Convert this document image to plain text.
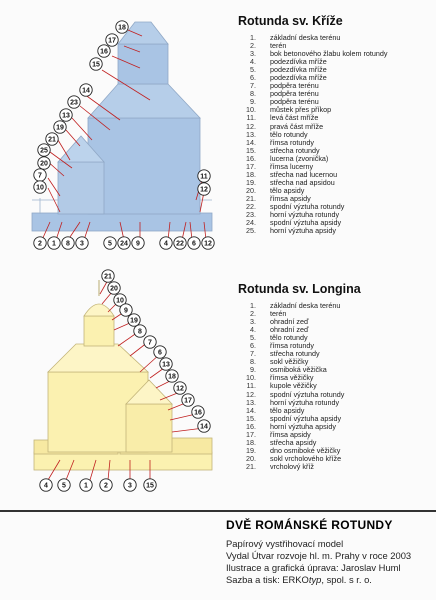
18
17
16
15
14
23
13
19
21
25
20
11
12
7
10
2 1 8 3	24 9	4 22 6 12
5
21
20
10
9
19
8
7
6
13
18
12
17
16
14
4 5	1 2	3 15
Rotunda sv. Kříže
1.	základní deska terénu
2.	terén
3.	bok betonového žlabu kolem rotundy
4.	podezdívka mříže
5.	podezdívka mříže
6.	podezdívka mříže
7.	podpěra terénu
8.	podpěra terénu
9.	podpěra terénu
10.	můstek přes příkop
11.	levá část mříže
12.	pravá část mříže
13.	tělo rotundy
14.	římsa rotundy
15.	střecha rotundy
16.	lucerna (zvonička)
17.	římsa lucerny
18.	střecha nad lucernou
19.	střecha nad apsidou
20.	tělo apsidy
21.	římsa apsidy
22.	spodní výztuha rotundy
23.	horní výztuha rotundy
24.	spodní výztuha apsidy
25.	horní výztuha apsidy
Rotunda sv. Longina
1.	základní deska terénu
2.	terén
3.	ohradní zeď
4.	ohradní zeď
5.	tělo rotundy
6.	římsa rotundy
7.	střecha rotundy
8.	sokl věžičky
9.	osmiboká věžička
10.	římsa věžičky
11.	kupole věžičky
12.	spodní výztuha rotundy
13.	horní výztuha rotundy
14.	tělo apsidy
15.	spodní výztuha apsidy
16.	horní výztuha apsidy
17.	římsa apsidy
18.	střecha apsidy
19.	dno osmiboké věžičky
20.	sokl vrcholového kříže
21.	vrcholový kříž
DVĚ ROMÁNSKÉ ROTUNDY
Papírový vystřihovací model
Vydal Útvar rozvoje hl. m. Prahy v roce 2003
Ilustrace a grafická úprava: Jaroslav Huml
Sazba a tisk: ERKOtyp, spol. s r. o.
